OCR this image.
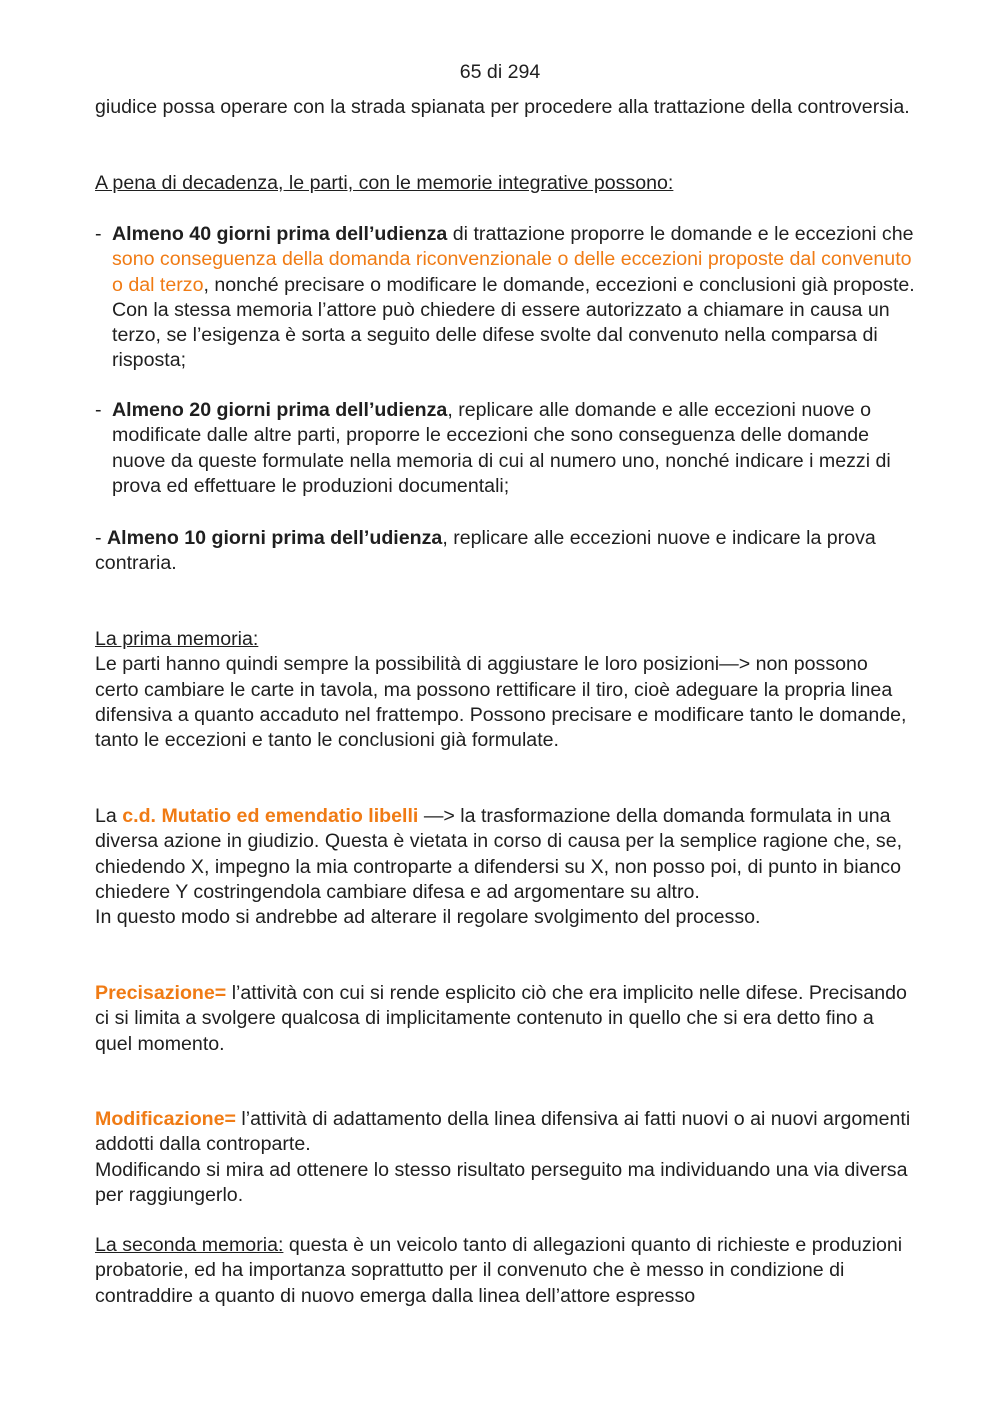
65 di 294

giudice possa operare con la strada spianata per procedere alla trattazione della controversia.

A pena di decadenza, le parti, con le memorie integrative possono:

- Almeno 40 giorni prima dell’udienza di trattazione proporre le domande e le eccezioni che sono conseguenza della domanda riconvenzionale o delle eccezioni proposte dal convenuto o dal terzo, nonché precisare o modificare le domande, eccezioni e conclusioni già proposte. Con la stessa memoria l’attore può chiedere di essere autorizzato a chiamare in causa un terzo, se l’esigenza è sorta a seguito delle difese svolte dal convenuto nella comparsa di risposta;
- Almeno 20 giorni prima dell’udienza, replicare alle domande e alle eccezioni nuove o modificate dalle altre parti, proporre le eccezioni che sono conseguenza delle domande nuove da queste formulate nella memoria di cui al numero uno, nonché indicare i mezzi di prova ed effettuare le produzioni documentali;

- Almeno 10 giorni prima dell’udienza, replicare alle eccezioni nuove e indicare la prova contraria.

La prima memoria:
Le parti hanno quindi sempre la possibilità di aggiustare le loro posizioni—> non possono certo cambiare le carte in tavola, ma possono rettificare il tiro, cioè adeguare la propria linea difensiva a quanto accaduto nel frattempo. Possono precisare e modificare tanto le domande, tanto le eccezioni e tanto le conclusioni già formulate.

La c.d. Mutatio ed emendatio libelli —> la trasformazione della domanda formulata in una diversa azione in giudizio. Questa è vietata in corso di causa per la semplice ragione che, se, chiedendo X, impegno la mia controparte a difendersi su X, non posso poi, di punto in bianco chiedere Y costringendola cambiare difesa e ad argomentare su altro.
In questo modo si andrebbe ad alterare il regolare svolgimento del processo.

Precisazione= l’attività con cui si rende esplicito ciò che era implicito nelle difese. Precisando ci si limita a svolgere qualcosa di implicitamente contenuto in quello che si era detto fino a quel momento.

Modificazione= l’attività di adattamento della linea difensiva ai fatti nuovi o ai nuovi argomenti addotti dalla controparte.
Modificando si mira ad ottenere lo stesso risultato perseguito ma individuando una via diversa per raggiungerlo.

La seconda memoria: questa è un veicolo tanto di allegazioni quanto di richieste e produzioni probatorie, ed ha importanza soprattutto per il convenuto che è messo in condizione di contraddire a quanto di nuovo emerga dalla linea dell’attore espresso
